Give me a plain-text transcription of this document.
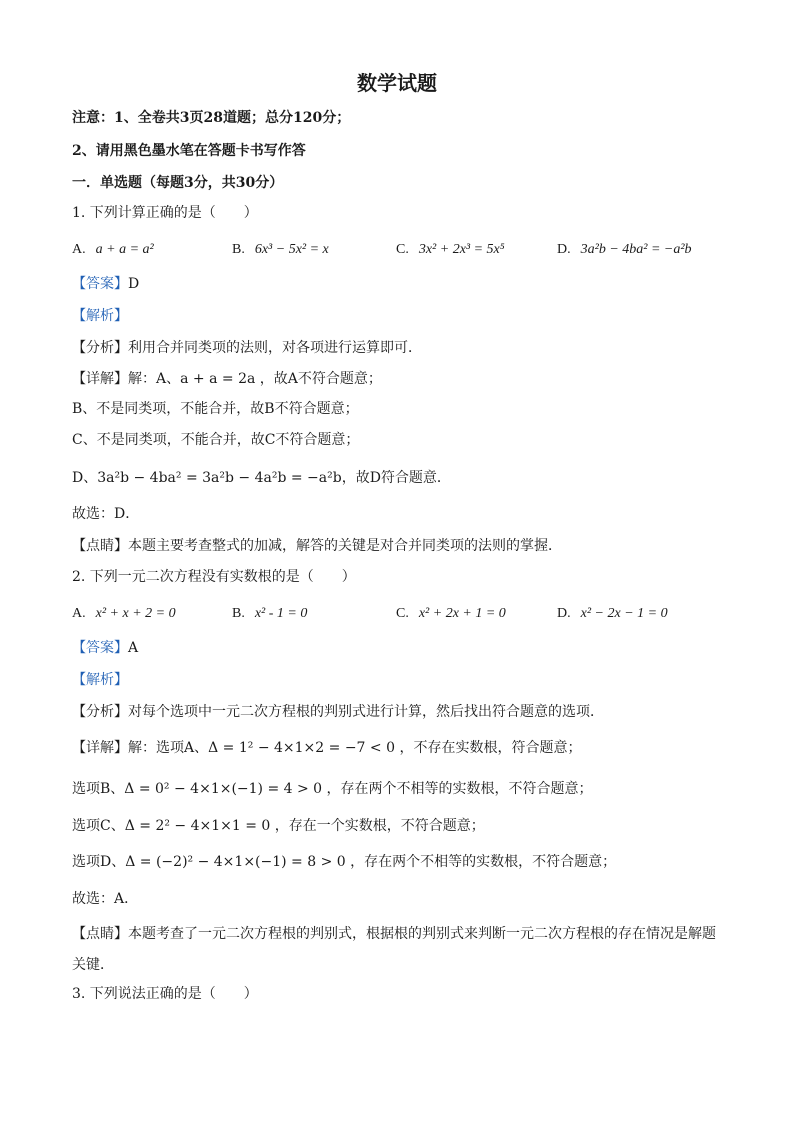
数学试题
注意：1、全卷共3页28道题；总分120分；
2、请用黑色墨水笔在答题卡书写作答
一．单选题（每题3分，共30分）
1. 下列计算正确的是（　　）
A. a + a = a²	B. 6x³ − 5x² = x	C. 3x² + 2x³ = 5x⁵	D. 3a²b − 4ba² = −a²b
【答案】D
【解析】
【分析】利用合并同类项的法则，对各项进行运算即可．
【详解】解：A、a + a = 2a ，故A不符合题意；
B、不是同类项，不能合并，故B不符合题意；
C、不是同类项，不能合并，故C不符合题意；
D、3a²b − 4ba² = 3a²b − 4a²b = −a²b，故D符合题意．
故选：D．
【点睛】本题主要考查整式的加减，解答的关键是对合并同类项的法则的掌握．
2. 下列一元二次方程没有实数根的是（　　）
A. x² + x + 2 = 0	B. x² - 1 = 0	C. x² + 2x + 1 = 0	D. x² − 2x − 1 = 0
【答案】A
【解析】
【分析】对每个选项中一元二次方程根的判别式进行计算，然后找出符合题意的选项．
【详解】解：选项A、Δ = 1² − 4×1×2 = −7 < 0 ，不存在实数根，符合题意；
选项B、Δ = 0² − 4×1×(−1) = 4 > 0 ，存在两个不相等的实数根，不符合题意；
选项C、Δ = 2² − 4×1×1 = 0 ，存在一个实数根，不符合题意；
选项D、Δ = (−2)² − 4×1×(−1) = 8 > 0 ，存在两个不相等的实数根，不符合题意；
故选：A．
【点睛】本题考查了一元二次方程根的判别式，根据根的判别式来判断一元二次方程根的存在情况是解题关键．
3. 下列说法正确的是（　　）
